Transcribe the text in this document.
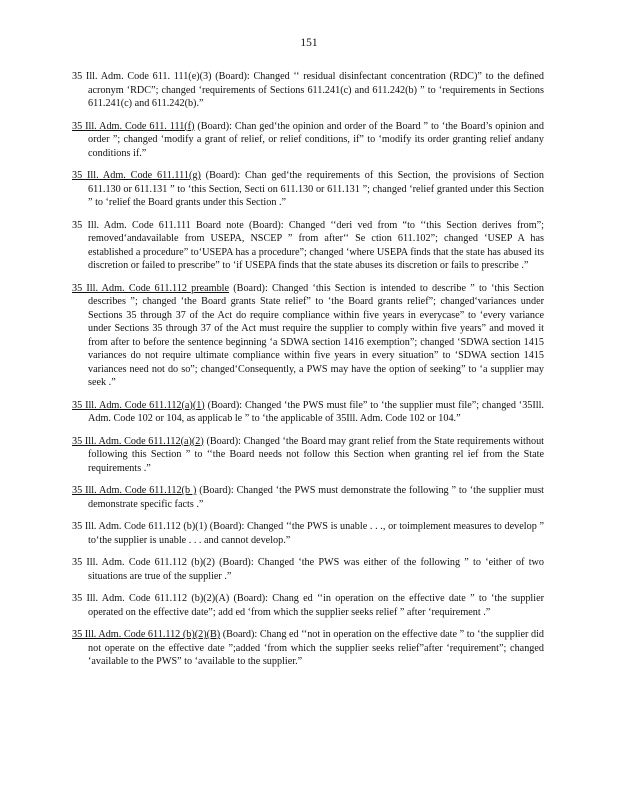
151

35 Ill. Adm. Code 611. 111(e)(3) (Board): Changed ‘‘ residual disinfectant concentration (RDC)” to the defined acronym ‘RDC”; changed ‘requirements of Sections 611.241(c) and 611.242(b) ” to ‘requirements in Sections 611.241(c) and 611.242(b).”

35 Ill. Adm. Code 611. 111(f) (Board): Chan ged‘the opinion and order of the Board ” to ‘the Board’s opinion and order ”; changed ‘modify a grant of relief, or relief conditions, if” to ‘modify its order granting relief andany conditions if.”

35 Ill. Adm. Code 611.111(g) (Board): Chan ged‘the requirements of this Section, the provisions of Section 611.130 or 611.131 ” to ‘this Section, Secti on 611.130 or 611.131 ”; changed ‘relief granted under this Section ” to ‘relief the Board grants under this Section .”

35 Ill. Adm. Code 611.111 Board note (Board): Changed ‘‘deri ved from “to ‘‘this Section derives from”; removed‘andavailable from USEPA, NSCEP ” from after‘‘ Se ction 611.102”; changed ‘USEP A has established a procedure” to‘USEPA has a procedure”; changed ‘where USEPA finds that the state has abused its discretion or failed to prescribe” to ‘if USEPA finds that the state abuses its discretion or fails to prescribe .”

35 Ill. Adm. Code 611.112 preamble (Board): Changed ‘this Section is intended to describe ” to ‘this Section describes ”; changed ‘the Board grants State relief” to ‘the Board grants relief”; changed‘variances under Sections 35 through 37 of the Act do require compliance within five years in everycase” to ‘every variance under Sections 35 through 37 of the Act must require the supplier to comply within five years” and moved it from after to before the sentence beginning ‘a SDWA section 1416 exemption”; changed ‘SDWA section 1415 variances do not require ultimate compliance within five years in every situation” to ‘SDWA section 1415 variances need not do so”; changed‘Consequently, a PWS may have the option of seeking” to ‘a supplier may seek .”

35 Ill. Adm. Code 611.112(a)(1) (Board): Changed ‘the PWS must file” to ‘the supplier must file”; changed ‘35Ill. Adm. Code 102 or 104, as applicab le ” to ‘the applicable of 35Ill. Adm. Code 102 or 104.”

35 Ill. Adm. Code 611.112(a)(2) (Board): Changed ‘the Board may grant relief from the State requirements without following this Section ” to ‘‘the Board needs not follow this Section when granting rel ief from the State requirements .”

35 Ill. Adm. Code 611.112(b ) (Board): Changed ‘the PWS must demonstrate the following ” to ‘the supplier must demonstrate specific facts .”

35 Ill. Adm. Code 611.112 (b)(1) (Board): Changed ‘‘the PWS is unable . . ., or toimplement measures to develop ” to‘the supplier is unable . . . and cannot develop.”

35 Ill. Adm. Code 611.112 (b)(2) (Board): Changed ‘the PWS was either of the following ” to ‘either of two situations are true of the supplier .”

35 Ill. Adm. Code 611.112 (b)(2)(A) (Board): Chang ed ‘‘in operation on the effective date ” to ‘the supplier operated on the effective date”; add ed ‘from which the supplier seeks relief ” after ‘requirement .”

35 Ill. Adm. Code 611.112 (b)(2)(B) (Board): Chang ed ‘‘not in operation on the effective date ” to ‘the supplier did not operate on the effective date ”;added ‘from which the supplier seeks relief”after ‘requirement”; changed ‘available to the PWS” to ‘available to the supplier.”
